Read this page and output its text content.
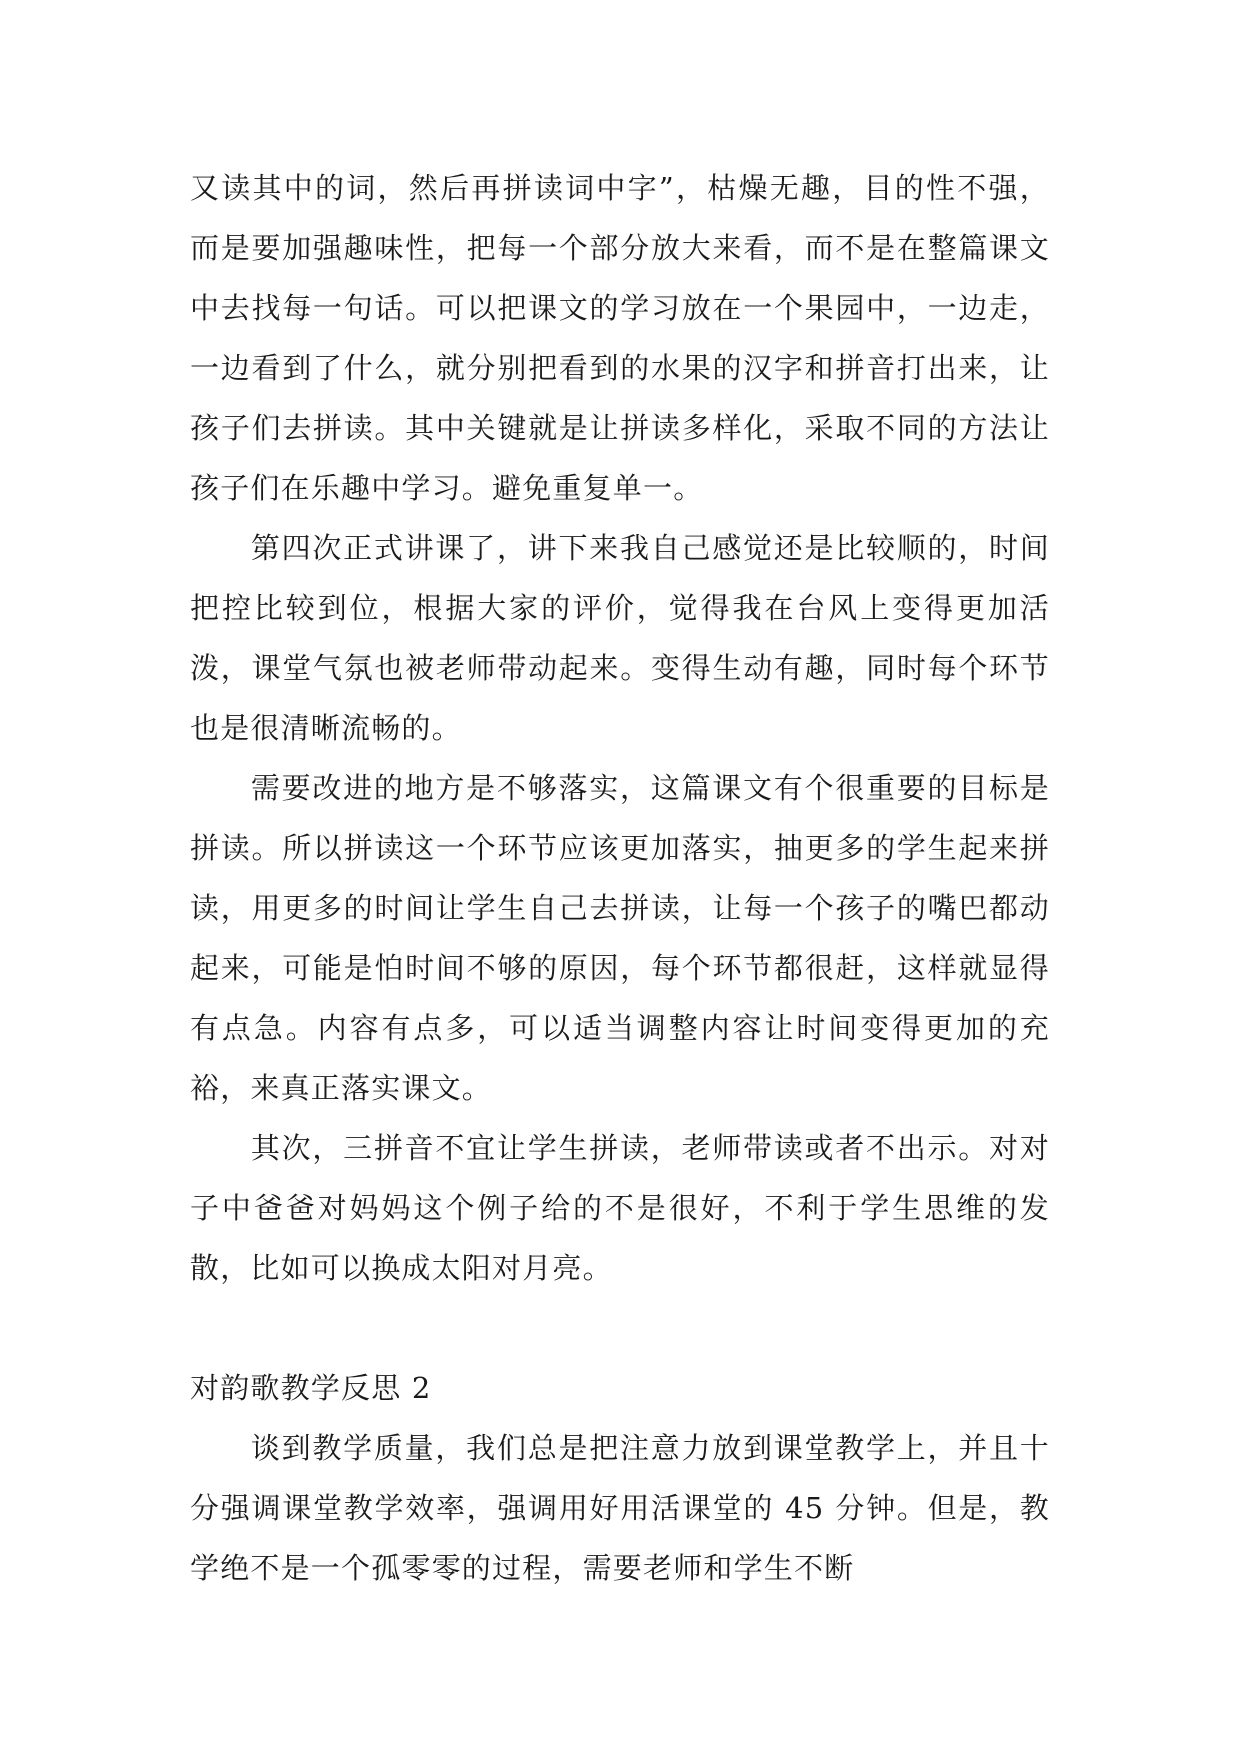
又读其中的词，然后再拼读词中字”，枯燥无趣，目的性不强，而是要加强趣味性，把每一个部分放大来看，而不是在整篇课文中去找每一句话。可以把课文的学习放在一个果园中，一边走，一边看到了什么，就分别把看到的水果的汉字和拼音打出来，让孩子们去拼读。其中关键就是让拼读多样化，采取不同的方法让孩子们在乐趣中学习。避免重复单一。

第四次正式讲课了，讲下来我自己感觉还是比较顺的，时间把控比较到位，根据大家的评价，觉得我在台风上变得更加活泼，课堂气氛也被老师带动起来。变得生动有趣，同时每个环节也是很清晰流畅的。

需要改进的地方是不够落实，这篇课文有个很重要的目标是拼读。所以拼读这一个环节应该更加落实，抽更多的学生起来拼读，用更多的时间让学生自己去拼读，让每一个孩子的嘴巴都动起来，可能是怕时间不够的原因，每个环节都很赶，这样就显得有点急。内容有点多，可以适当调整内容让时间变得更加的充裕，来真正落实课文。

其次，三拼音不宜让学生拼读，老师带读或者不出示。对对子中爸爸对妈妈这个例子给的不是很好，不利于学生思维的发散，比如可以换成太阳对月亮。

对韵歌教学反思 2

谈到教学质量，我们总是把注意力放到课堂教学上，并且十分强调课堂教学效率，强调用好用活课堂的 45 分钟。但是，教学绝不是一个孤零零的过程，需要老师和学生不断
